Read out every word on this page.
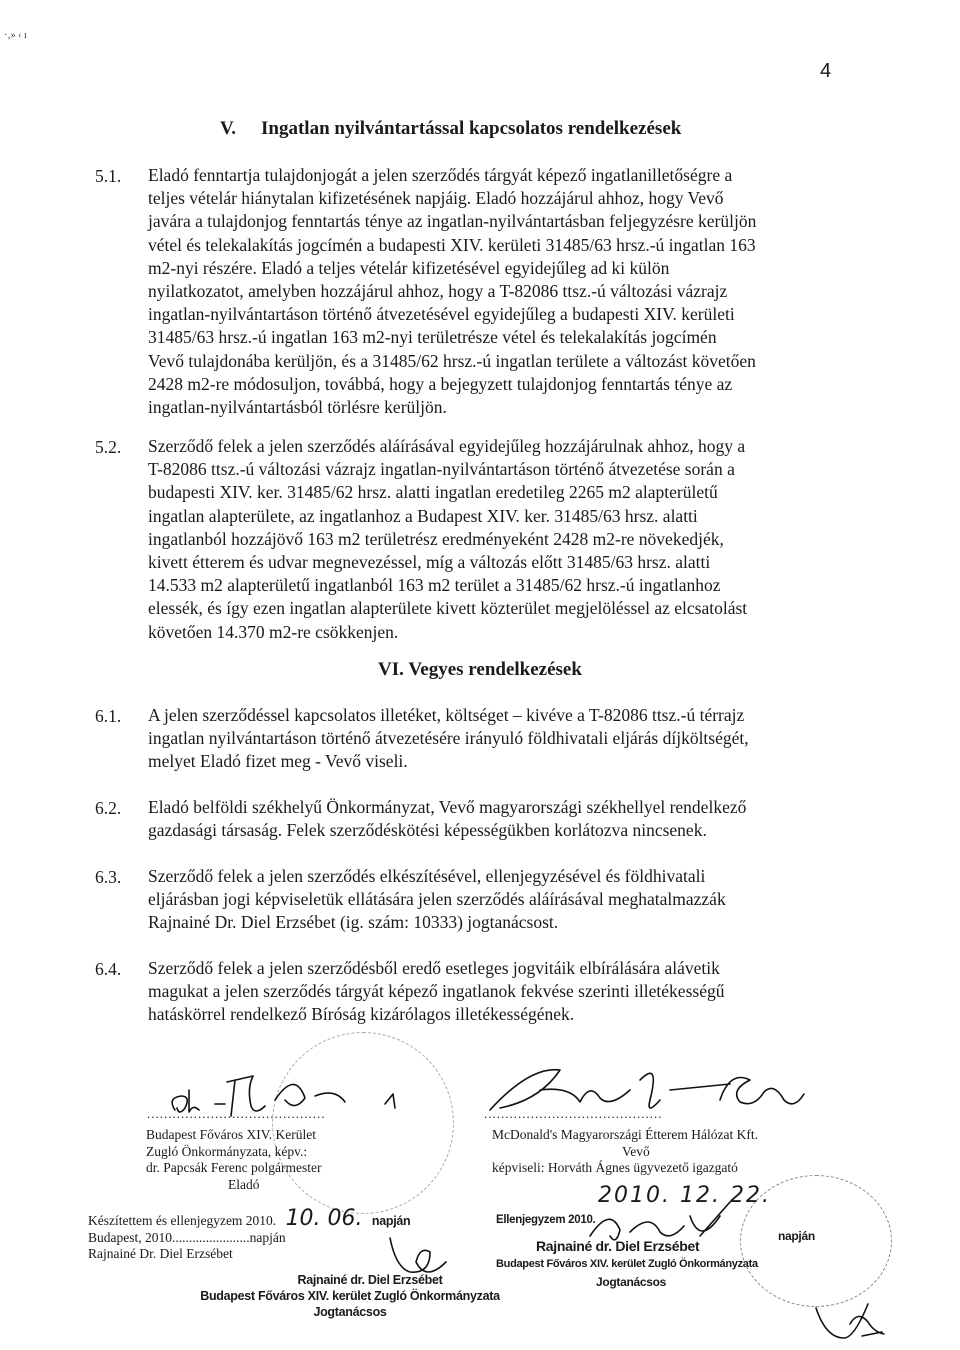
·‚» ‹ ı
4
V. Ingatlan nyilvántartással kapcsolatos rendelkezések
5.1. Eladó fenntartja tulajdonjogát a jelen szerződés tárgyát képező ingatlanilletőségre a
teljes vételár hiánytalan kifizetésének napjáig. Eladó hozzájárul ahhoz, hogy Vevő
javára a tulajdonjog fenntartás ténye az ingatlan-nyilvántartásban feljegyzésre kerüljön
vétel és telekalakítás jogcímén a budapesti XIV. kerületi 31485/63 hrsz.-ú ingatlan 163
m2-nyi részére. Eladó a teljes vételár kifizetésével egyidejűleg ad ki külön
nyilatkozatot, amelyben hozzájárul ahhoz, hogy a T-82086 ttsz.-ú változási vázrajz
ingatlan-nyilvántartáson történő átvezetésével egyidejűleg a budapesti XIV. kerületi
31485/63 hrsz.-ú ingatlan 163 m2-nyi területrésze vétel és telekalakítás jogcímén
Vevő tulajdonába kerüljön, és a 31485/62 hrsz.-ú ingatlan területe a változást követően
2428 m2-re módosuljon, továbbá, hogy a bejegyzett tulajdonjog fenntartás ténye az
ingatlan-nyilvántartásból törlésre kerüljön.
5.2. Szerződő felek a jelen szerződés aláírásával egyidejűleg hozzájárulnak ahhoz, hogy a
T-82086 ttsz.-ú változási vázrajz ingatlan-nyilvántartáson történő átvezetése során a
budapesti XIV. ker. 31485/62 hrsz. alatti ingatlan eredetileg 2265 m2 alapterületű
ingatlan alapterülete, az ingatlanhoz a Budapest XIV. ker. 31485/63 hrsz. alatti
ingatlanból hozzájövő 163 m2 területrész eredményeként 2428 m2-re növekedjék,
kivett étterem és udvar megnevezéssel, míg a változás előtt 31485/63 hrsz. alatti
14.533 m2 alapterületű ingatlanból 163 m2 terület a 31485/62 hrsz.-ú ingatlanhoz
elessék, és így ezen ingatlan alapterülete kivett közterület megjelöléssel az elcsatolást
követően 14.370 m2-re csökkenjen.
VI. Vegyes rendelkezések
6.1. A jelen szerződéssel kapcsolatos illetéket, költséget – kivéve a T-82086 ttsz.-ú térrajz
ingatlan nyilvántartáson történő átvezetésére irányuló földhivatali eljárás díjköltségét,
melyet Eladó fizet meg - Vevő viseli.
6.2. Eladó belföldi székhelyű Önkormányzat, Vevő magyarországi székhellyel rendelkező
gazdasági társaság. Felek szerződéskötési képességükben korlátozva nincsenek.
6.3. Szerződő felek a jelen szerződés elkészítésével, ellenjegyzésével és földhivatali
eljárásban jogi képviseletük ellátására jelen szerződés aláírásával meghatalmazzák
Rajnainé Dr. Diel Erzsébet (ig. szám: 10333) jogtanácsost.
6.4. Szerződő felek a jelen szerződésből eredő esetleges jogvitáik elbírálására alávetik
magukat a jelen szerződés tárgyát képező ingatlanok fekvése szerinti illetékességű
hatáskörrel rendelkező Bíróság kizárólagos illetékességének.
..........................................
Budapest Főváros XIV. Kerület
Zugló Önkormányzata, képv.:
dr. Papcsák Ferenc polgármester
Eladó
..........................................
McDonald's Magyarországi Étterem Hálózat Kft.
Vevő
képviseli: Horváth Ágnes ügyvezető igazgató
2010. 12. 22.
Készítettem és ellenjegyzem 2010. 10. 06. napján
Budapest, 2010.......................napján
Rajnainé Dr. Diel Erzsébet
Rajnainé dr. Diel Erzsébet
Budapest Főváros XIV. kerület Zugló Önkormányzata
Jogtanácsos
Ellenjegyzem 2010.
Rajnainé dr. Diel Erzsébet
Budapest Főváros XIV. kerület Zugló Önkormányzata
Jogtanácsos
napján
